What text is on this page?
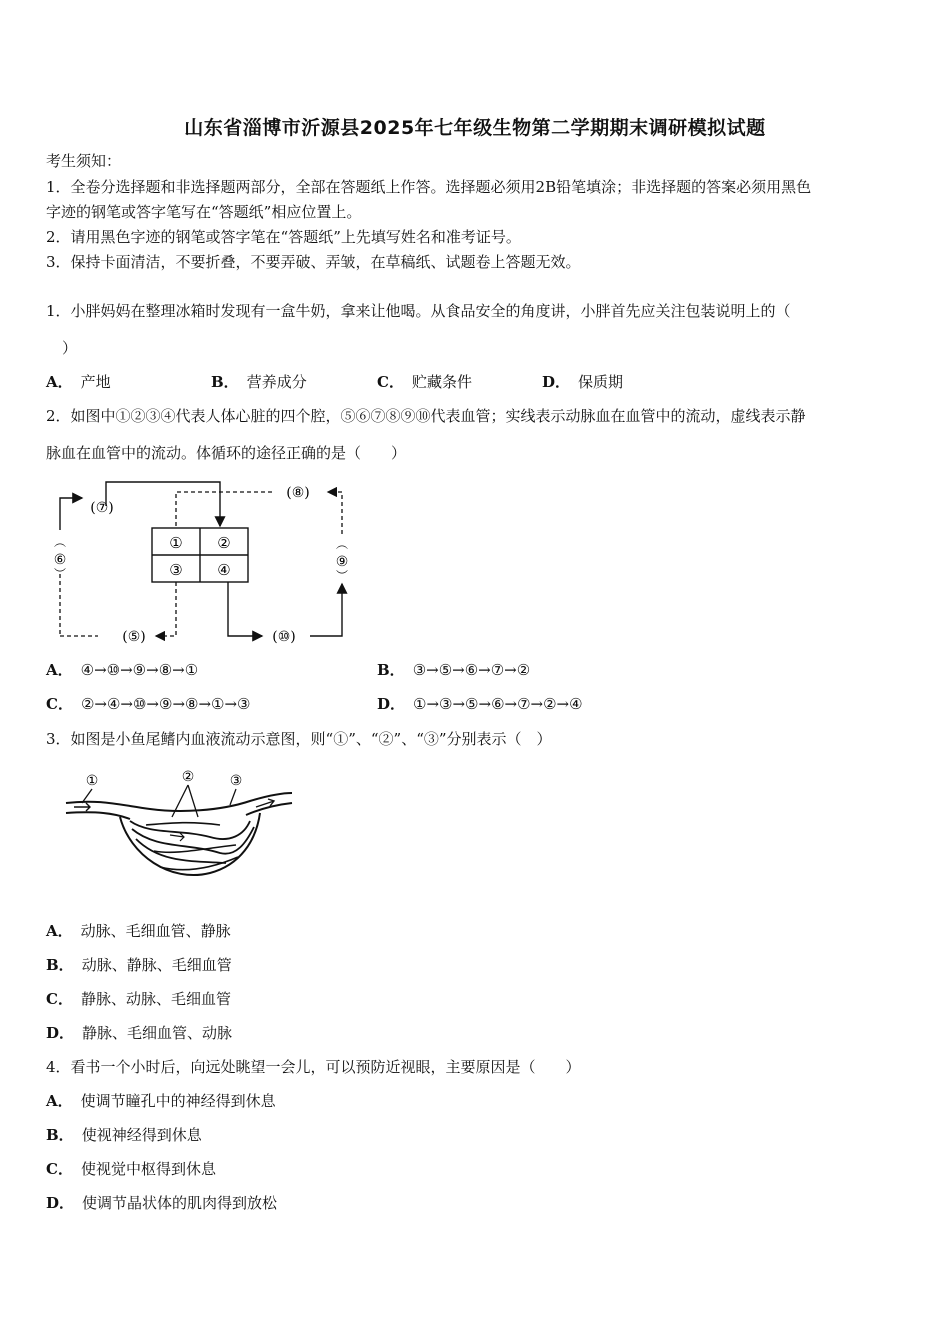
山东省淄博市沂源县2025年七年级生物第二学期期末调研模拟试题
考生须知：
1．全卷分选择题和非选择题两部分，全部在答题纸上作答。选择题必须用2B铅笔填涂；非选择题的答案必须用黑色
字迹的钢笔或答字笔写在“答题纸”相应位置上。
2．请用黑色字迹的钢笔或答字笔在“答题纸”上先填写姓名和准考证号。
3．保持卡面清洁，不要折叠，不要弄破、弄皱，在草稿纸、试题卷上答题无效。
1．小胖妈妈在整理冰箱时发现有一盒牛奶，拿来让他喝。从食品安全的角度讲，小胖首先应关注包装说明上的（
）
A． 产地	B． 营养成分	C． 贮藏条件	D． 保质期
2．如图中①②③④代表人体心脏的四个腔，⑤⑥⑦⑧⑨⑩代表血管；实线表示动脉血在血管中的流动，虚线表示静
脉血在血管中的流动。体循环的途径正确的是（　　）
① ②
③ ④
(⑦)
⑥
︵
︶
(⑤)	(⑩)
⑨
︵
︶
(⑧)
A． ④→⑩→⑨→⑧→①	B． ③→⑤→⑥→⑦→②
C． ②→④→⑩→⑨→⑧→①→③	D． ①→③→⑤→⑥→⑦→②→④
3．如图是小鱼尾鳍内血液流动示意图，则“①”、“②”、“③”分别表示（　）
①	②	③
A． 动脉、毛细血管、静脉
B． 动脉、静脉、毛细血管
C． 静脉、动脉、毛细血管
D． 静脉、毛细血管、动脉
4．看书一个小时后，向远处眺望一会儿，可以预防近视眼，主要原因是（　　）
A． 使调节瞳孔中的神经得到休息
B． 使视神经得到休息
C． 使视觉中枢得到休息
D． 使调节晶状体的肌肉得到放松
